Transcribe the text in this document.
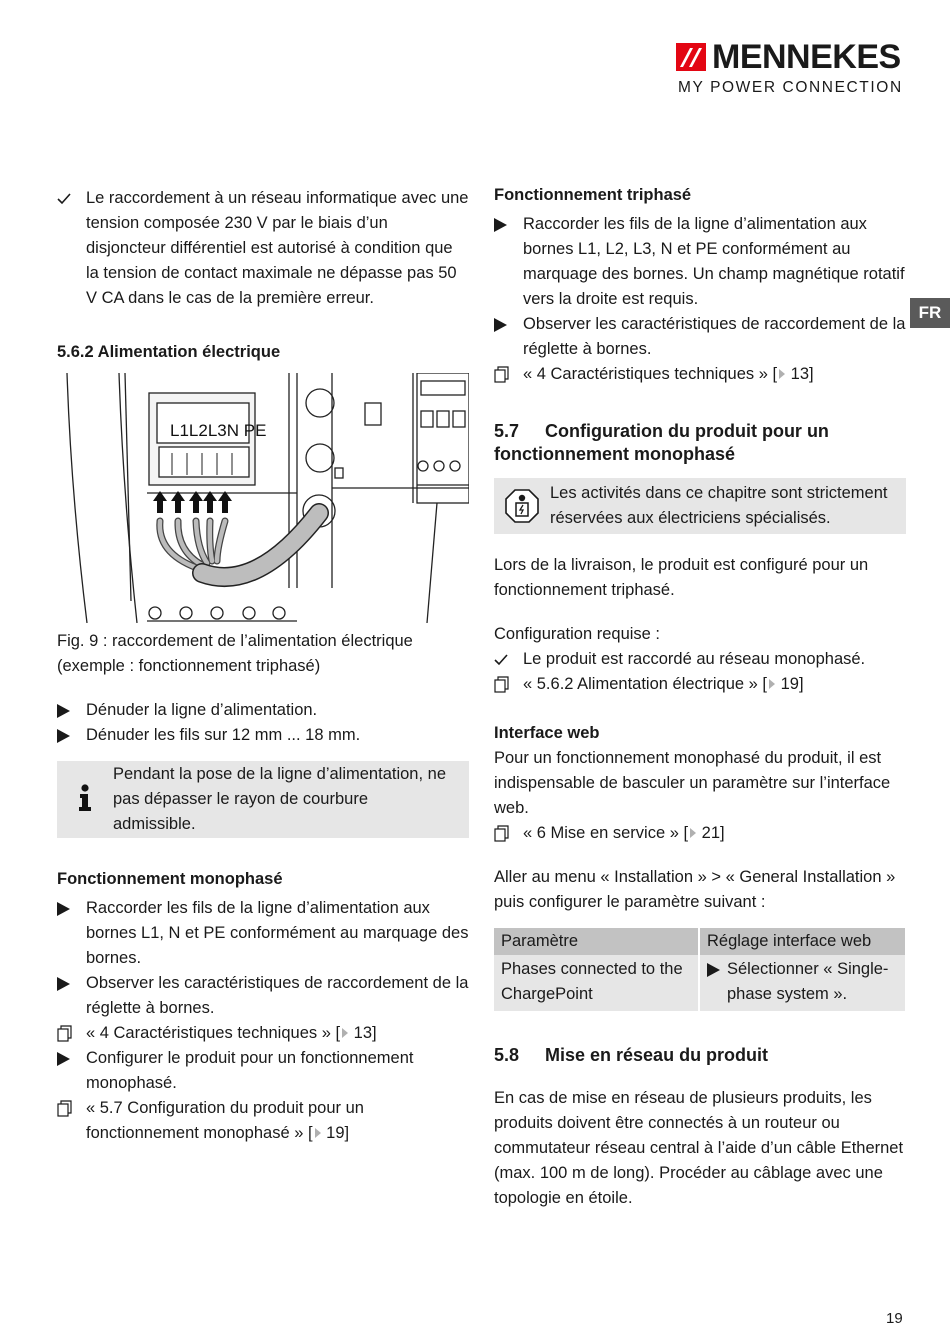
MENNEKES
MY POWER CONNECTION
FR

Le raccordement à un réseau informatique avec une tension composée 230 V par le biais d’un disjoncteur différentiel est autorisé à condition que la tension de contact maximale ne dépasse pas 50 V CA dans le cas de la première erreur.

5.6.2 Alimentation électrique
L1L2L3N PE

Fig. 9 : raccordement de l’alimentation électrique (exemple : fonctionnement triphasé)

Dénuder la ligne d’alimentation.

Dénuder les fils sur 12 mm ... 18 mm.

Pendant la pose de la ligne d’alimentation, ne pas dépasser le rayon de courbure admissible.

Fonctionnement monophasé

Raccorder les fils de la ligne d’alimentation aux bornes L1, N et PE conformément au marquage des bornes.

Observer les caractéristiques de raccordement de la réglette à bornes.

« 4 Caractéristiques techniques » [ 13]

Configurer le produit pour un fonctionnement monophasé.

« 5.7 Configuration du produit pour un fonctionnement monophasé » [ 19]

Fonctionnement triphasé

Raccorder les fils de la ligne d’alimentation aux bornes L1, L2, L3, N et PE conformément au marquage des bornes. Un champ magnétique rotatif vers la droite est requis.

Observer les caractéristiques de raccordement de la réglette à bornes.

« 4 Caractéristiques techniques » [ 13]

5.7	Configuration du produit pour un fonctionnement monophasé

Les activités dans ce chapitre sont strictement réservées aux électriciens spécialisés.

Lors de la livraison, le produit est configuré pour un fonctionnement triphasé.

Configuration requise :

Le produit est raccordé au réseau monophasé.

« 5.6.2 Alimentation électrique » [ 19]

Interface web

Pour un fonctionnement monophasé du produit, il est indispensable de basculer un paramètre sur l’interface web.

« 6 Mise en service » [ 21]

Aller au menu « Installation » > « General Installation » puis configurer le paramètre suivant :

Paramètre	Réglage interface web
Phases connected to the ChargePoint	Sélectionner « Single-phase system ».
5.8	Mise en réseau du produit

En cas de mise en réseau de plusieurs produits, les produits doivent être connectés à un routeur ou commutateur réseau central à l’aide d’un câble Ethernet (max. 100 m de long). Procéder au câblage avec une topologie en étoile.

19
